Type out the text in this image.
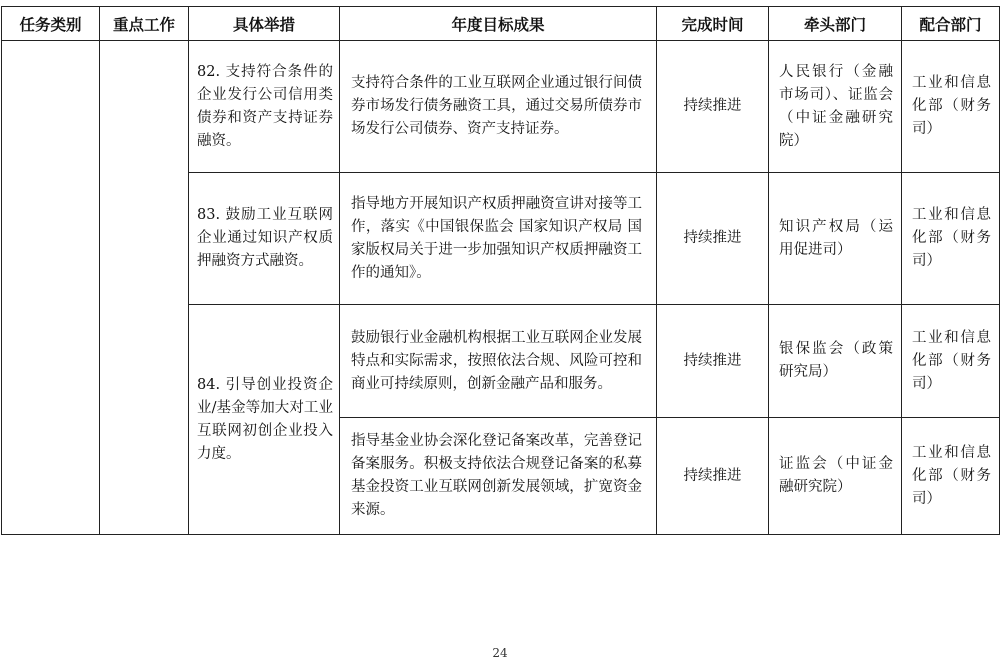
任务类别	重点工作	具体举措	年度目标成果	完成时间	牵头部门	配合部门
		82. 支持符合条件的企业发行公司信用类债券和资产支持证券融资。	支持符合条件的工业互联网企业通过银行间债券市场发行债务融资工具，通过交易所债券市场发行公司债券、资产支持证券。	持续推进	人民银行（金融市场司）、证监会（中证金融研究院）	工业和信息化部（财务司）
		83. 鼓励工业互联网企业通过知识产权质押融资方式融资。	指导地方开展知识产权质押融资宣讲对接等工作，落实《中国银保监会 国家知识产权局 国家版权局关于进一步加强知识产权质押融资工作的通知》。	持续推进	知识产权局（运用促进司）	工业和信息化部（财务司）
		84. 引导创业投资企业/基金等加大对工业互联网初创企业投入力度。	鼓励银行业金融机构根据工业互联网企业发展特点和实际需求，按照依法合规、风险可控和商业可持续原则，创新金融产品和服务。	持续推进	银保监会（政策研究局）	工业和信息化部（财务司）
			指导基金业协会深化登记备案改革，完善登记备案服务。积极支持依法合规登记备案的私募基金投资工业互联网创新发展领域，扩宽资金来源。	持续推进	证监会（中证金融研究院）	工业和信息化部（财务司）
24
